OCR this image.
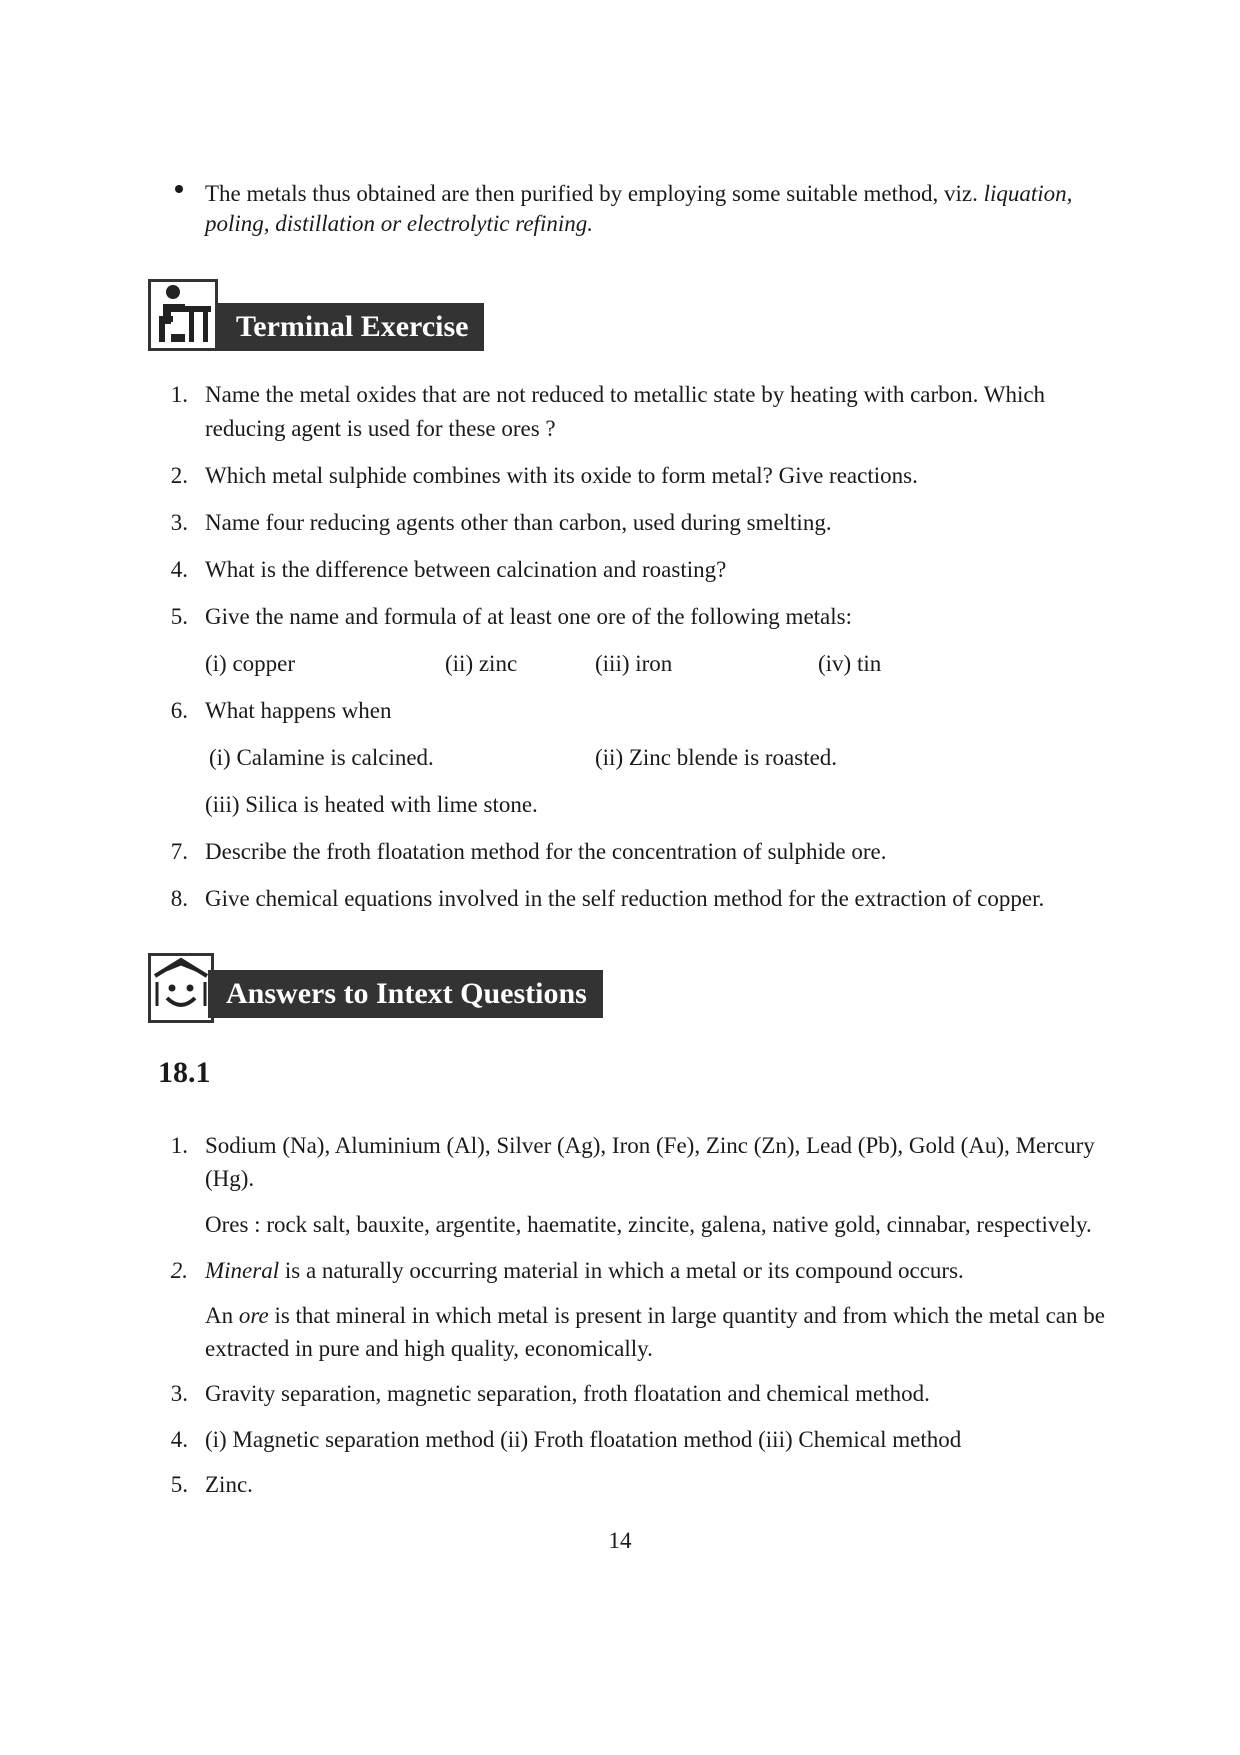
The metals thus obtained are then purified by employing some suitable method, viz. liquation,
poling, distillation or electrolytic refining.
Terminal Exercise
1. Name the metal oxides that are not reduced to metallic state by heating with carbon. Which
reducing agent is used for these ores ?
2. Which metal sulphide combines with its oxide to form metal? Give reactions.
3. Name four reducing agents other than carbon, used during smelting.
4. What is the difference between calcination and roasting?
5. Give the name and formula of at least one ore of the following metals:
(i) copper	(ii) zinc	(iii) iron	(iv) tin
6. What happens when
(i) Calamine is calcined.	(ii) Zinc blende is roasted.
(iii) Silica is heated with lime stone.
7. Describe the froth floatation method for the concentration of sulphide ore.
8. Give chemical equations involved in the self reduction method for the extraction of copper.
Answers to Intext Questions
18.1
1. Sodium (Na), Aluminium (Al), Silver (Ag), Iron (Fe), Zinc (Zn), Lead (Pb), Gold (Au), Mercury
(Hg).
Ores : rock salt, bauxite, argentite, haematite, zincite, galena, native gold, cinnabar, respectively.
2. Mineral is a naturally occurring material in which a metal or its compound occurs.
An ore is that mineral in which metal is present in large quantity and from which the metal can be
extracted in pure and high quality, economically.
3. Gravity separation, magnetic separation, froth floatation and chemical method.
4. (i) Magnetic separation method (ii) Froth floatation method (iii) Chemical method
5. Zinc.
14
